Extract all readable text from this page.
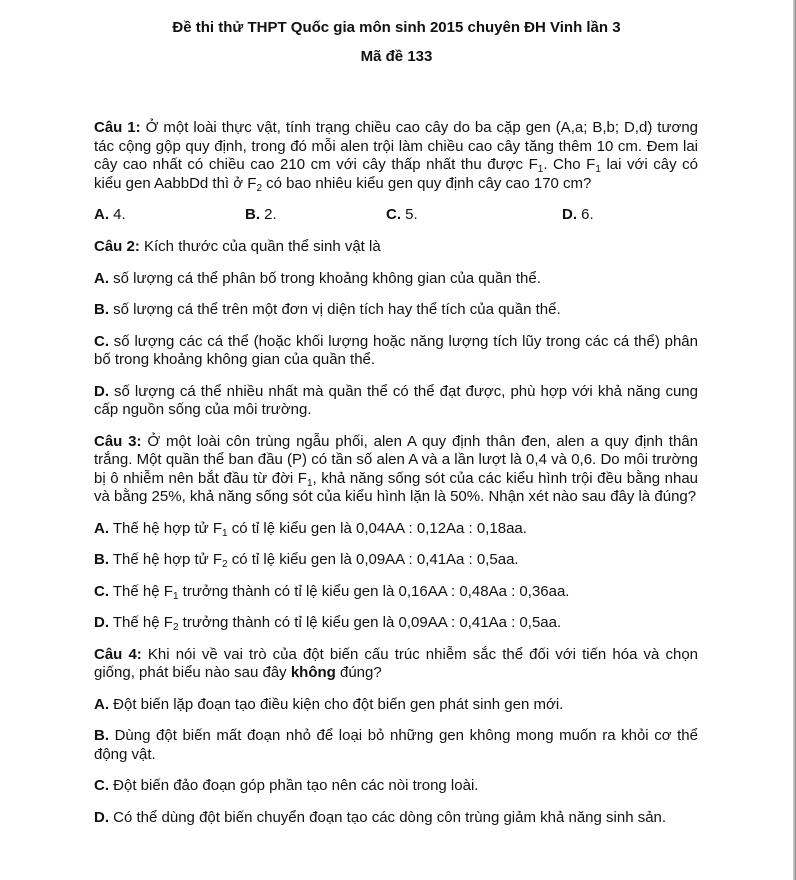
Đề thi thử THPT Quốc gia môn sinh 2015 chuyên ĐH Vinh lần 3
Mã đề 133

Câu 1: Ở một loài thực vật, tính trạng chiều cao cây do ba cặp gen (A,a; B,b; D,d) tương tác cộng gộp quy định, trong đó mỗi alen trội làm chiều cao cây tăng thêm 10 cm. Đem lai cây cao nhất có chiều cao 210 cm với cây thấp nhất thu được $F_1$. Cho $F_1$ lai với cây có kiểu gen AabbDd thì ở $F_2$ có bao nhiêu kiểu gen quy định cây cao 170 cm?

A. 4.	B. 2.	C. 5.	D. 6.

Câu 2: Kích thước của quần thể sinh vật là

A. số lượng cá thể phân bố trong khoảng không gian của quần thể.

B. số lượng cá thể trên một đơn vị diện tích hay thể tích của quần thể.

C. số lượng các cá thể (hoặc khối lượng hoặc năng lượng tích lũy trong các cá thể) phân bố trong khoảng không gian của quần thể.

D. số lượng cá thể nhiều nhất mà quần thể có thể đạt được, phù hợp với khả năng cung cấp nguồn sống của môi trường.

Câu 3: Ở một loài côn trùng ngẫu phối, alen A quy định thân đen, alen a quy định thân trắng. Một quần thể ban đầu (P) có tần số alen A và a lần lượt là 0,4 và 0,6. Do môi trường bị ô nhiễm nên bắt đầu từ đời $F_1$, khả năng sống sót của các kiểu hình trội đều bằng nhau và bằng 25%, khả năng sống sót của kiểu hình lặn là 50%. Nhận xét nào sau đây là đúng?

A. Thế hệ hợp tử $F_1$ có tỉ lệ kiểu gen là 0,04AA : 0,12Aa : 0,18aa.

B. Thế hệ hợp tử $F_2$ có tỉ lệ kiểu gen là 0,09AA : 0,41Aa : 0,5aa.

C. Thế hệ $F_1$ trưởng thành có tỉ lệ kiểu gen là 0,16AA : 0,48Aa : 0,36aa.

D. Thế hệ $F_2$ trưởng thành có tỉ lệ kiểu gen là 0,09AA : 0,41Aa : 0,5aa.

Câu 4: Khi nói về vai trò của đột biến cấu trúc nhiễm sắc thể đối với tiến hóa và chọn giống, phát biểu nào sau đây không đúng?

A. Đột biến lặp đoạn tạo điều kiện cho đột biến gen phát sinh gen mới.

B. Dùng đột biến mất đoạn nhỏ để loại bỏ những gen không mong muốn ra khỏi cơ thể động vật.

C. Đột biến đảo đoạn góp phần tạo nên các nòi trong loài.

D. Có thể dùng đột biến chuyển đoạn tạo các dòng côn trùng giảm khả năng sinh sản.
